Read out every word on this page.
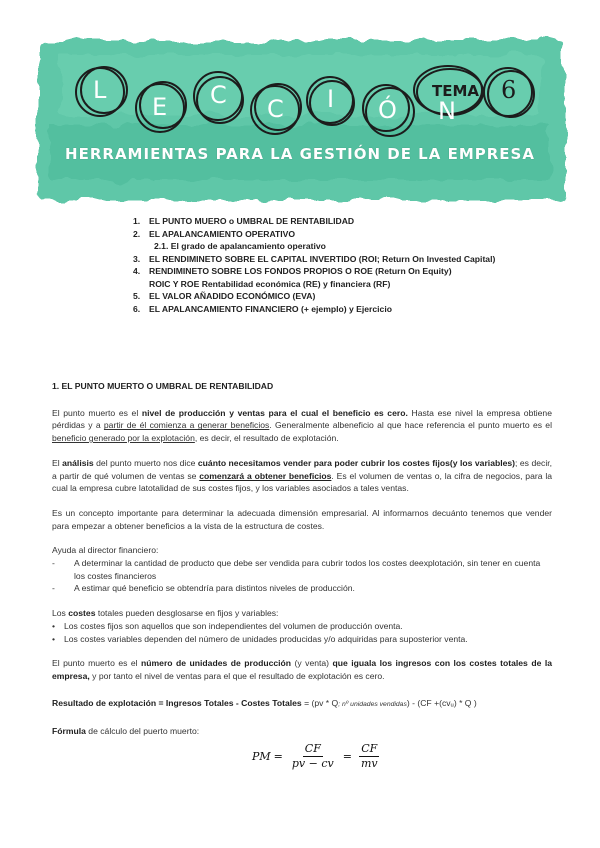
L
E C C I Ó N
TEMA 6
HERRAMIENTAS PARA LA GESTIÓN DE LA EMPRESA
1.	EL PUNTO MUERO o UMBRAL DE RENTABILIDAD
2.	EL APALANCAMIENTO OPERATIVO
2.1. El grado de apalancamiento operativo
3.	EL RENDIMINETO SOBRE EL CAPITAL INVERTIDO (ROI; Return On Invested Capital)
4.	RENDIMINETO SOBRE LOS FONDOS PROPIOS O ROE (Return On Equity)
ROIC Y ROE Rentabilidad económica (RE) y financiera (RF)
5.	EL VALOR AÑADIDO ECONÓMICO (EVA)
6.	EL APALANCAMIENTO FINANCIERO (+ ejemplo) y Ejercicio
1. EL PUNTO MUERTO O UMBRAL DE RENTABILIDAD

El punto muerto es el nivel de producción y ventas para el cual el beneficio es cero. Hasta ese nivel la empresa obtiene pérdidas y a partir de él comienza a generar beneficios. Generalmente albeneficio al que hace referencia el punto muerto es el beneficio generado por la explotación, es decir, el resultado de explotación.

El análisis del punto muerto nos dice cuánto necesitamos vender para poder cubrir los costes fijos(y los variables); es decir, a partir de qué volumen de ventas se comenzará a obtener beneficios. Es el volumen de ventas o, la cifra de negocios, para la cual la empresa cubre latotalidad de sus costes fijos, y los variables asociados a tales ventas.

Es un concepto importante para determinar la adecuada dimensión empresarial. Al informarnos decuánto tenemos que vender para empezar a obtener beneficios a la vista de la estructura de costes.

Ayuda al director financiero:

- A determinar la cantidad de producto que debe ser vendida para cubrir todos los costes deexplotación, sin tener en cuenta los costes financieros
- A estimar qué beneficio se obtendría para distintos niveles de producción.

Los costes totales pueden desglosarse en fijos y variables:

• Los costes fijos son aquellos que son independientes del volumen de producción oventa.
• Los costes variables dependen del número de unidades producidas y/o adquiridas para suposterior venta.

El punto muerto es el número de unidades de producción (y venta) que iguala los ingresos con los costes totales de la empresa, y por tanto el nivel de ventas para el que el resultado de explotación es cero.

Resultado de explotación = Ingresos Totales - Costes Totales = (pv * Q; nº unidades vendidas) - (CF +(cvᵤ) * Q )
Fórmula de cálculo del puerto muerto:
PM = $\frac{CF}{pv - cv} = \frac{CF}{mv}$
